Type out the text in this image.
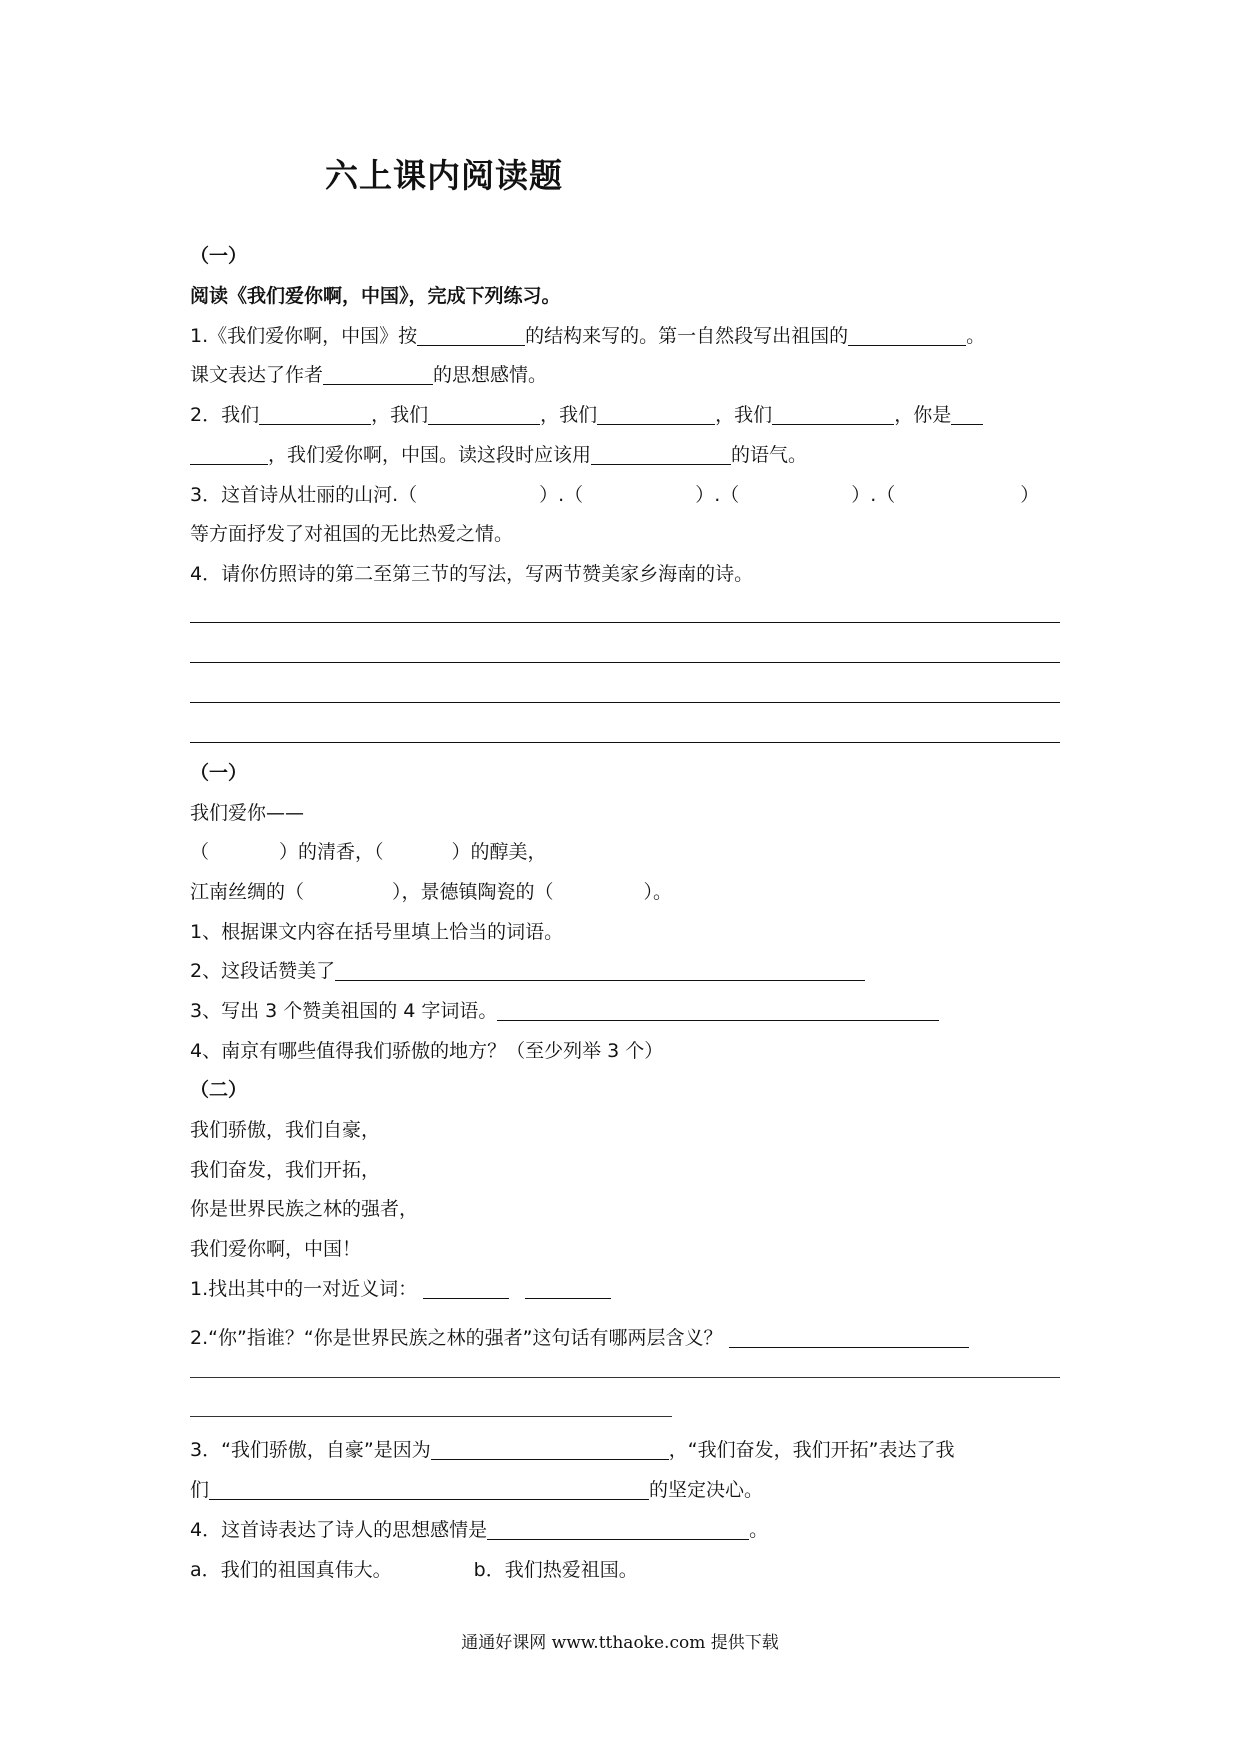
六上课内阅读题
（一）
阅读《我们爱你啊，中国》，完成下列练习。
1.《我们爱你啊，中国》按	的结构来写的。第一自然段写出祖国的	。
课文表达了作者	的思想感情。
2．我们	，我们	，我们	，我们	，你是
，我们爱你啊，中国。读这段时应该用	的语气。
3．这首诗从壮丽的山河.（	）.（	）.（	）.（	）
等方面抒发了对祖国的无比热爱之情。
4．请你仿照诗的第二至第三节的写法，写两节赞美家乡海南的诗。
（一）
我们爱你——
（	）的清香，（	）的醇美，
江南丝绸的（	），景德镇陶瓷的（	）。
1、根据课文内容在括号里填上恰当的词语。
2、这段话赞美了
3、写出 3 个赞美祖国的 4 字词语。
4、南京有哪些值得我们骄傲的地方？（至少列举 3 个）
（二）
我们骄傲，我们自豪，
我们奋发，我们开拓，
你是世界民族之林的强者，
我们爱你啊，中国！
1.找出其中的一对近义词：
2.“你”指谁？“你是世界民族之林的强者”这句话有哪两层含义？
3．“我们骄傲，自豪”是因为	，“我们奋发，我们开拓”表达了我
们	的坚定决心。
4．这首诗表达了诗人的思想感情是	。
a．我们的祖国真伟大。	b．我们热爱祖国。
通通好课网 www.tthaoke.com 提供下载
